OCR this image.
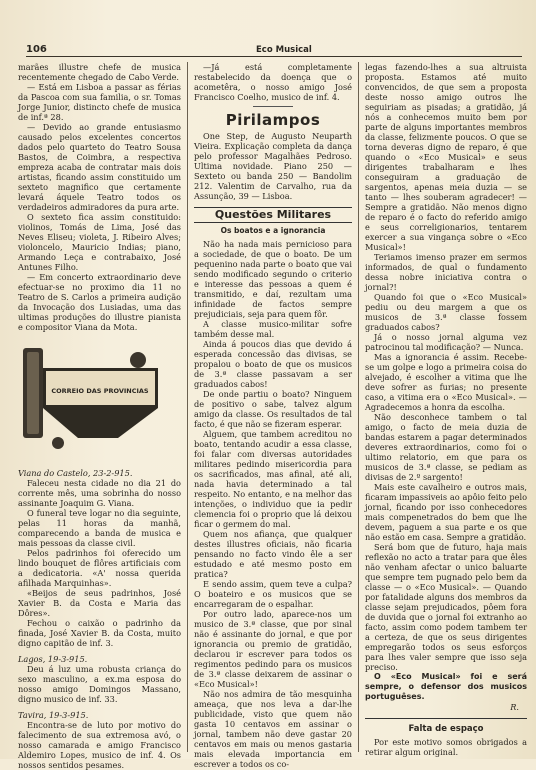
106	Eco Musical

marães illustre chefe de musica recentemente chegado de Cabo Verde.

— Está em Lisboa a passar as férias da Pascoa com sua familia, o sr. Tomas Jorge Junior, distincto chefe de musica de inf.ª 28.

— Devido ao grande entusiasmo causado pelos excelentes concertos dados pelo quarteto do Teatro Sousa Bastos, de Coimbra, a respectiva empreza acaba de contratar mais dois artistas, ficando assim constituido um sexteto magnifico que certamente levará áquele Teatro todos os verdadeiros admiradores da pura arte.

O sexteto fica assim constituido: violinos, Tomás de Lima, José das Neves Eliseu; violeta, J. Ribeiro Alves; violoncelo, Mauricio Indias; piano, Armando Leça e contrabaixo, José Antunes Filho.

— Em concerto extraordinario deve efectuar-se no proximo dia 11 no Teatro de S. Carlos a primeira audição da Invocação dos Lusiadas, uma das ultimas produções do illustre pianista e compositor Viana da Mota.

CORREIO DAS PROVINCIAS

Viana do Castelo, 23-2-915.

Faleceu nesta cidade no dia 21 do corrente mês, uma sobrinha do nosso assinante Joaquim G. Viana.

O funeral teve logar no dia seguinte, pelas 11 horas da manhã, comparecendo a banda de musica e mais pessoas da classe civil.

Pelos padrinhos foi oferecido um lindo bouquet de flôres artificiais com a dedicatoria. «A' nossa querida afilhada Marquinhas».

«Beijos de seus padrinhos, José Xavier B. da Costa e Maria das Dôres».

Fechou o caixão o padrinho da finada, José Xavier B. da Costa, muito digno capitão de inf. 3.

Lagos, 19-3-915.

Deu á luz uma robusta criança do sexo masculino, a ex.ma esposa do nosso amigo Domingos Massano, digno musico de inf. 33.

Tavira, 19-3-915.

Encontra-se de luto por motivo do falecimento de sua extremosa avó, o nosso camarada e amigo Francisco Aldemiro Lopes, musico de inf. 4. Os nossos sentidos pesames.

—Já está completamente restabelecido da doença que o acometêra, o nosso amigo José Francisco Coelho, musico de inf. 4.

Pirilampos

One Step, de Augusto Neuparth Vieira. Explicação completa da dança pelo professor Magalhães Pedroso. Ultima novidade. Piano 250 — Sexteto ou banda 250 — Bandolim 212. Valentim de Carvalho, rua da Assunção, 39 — Lisboa.

Questões Militares
Os boatos e a ignorancia

Não ha nada mais pernicioso para a sociedade, de que o boato. De um pequenino nada parte o boato que vai sendo modificado segundo o criterio e interesse das pessoas a quem é transmitido, e daí, rezultam uma infinidade de factos sempre prejudiciais, seja para quem fôr.

A classe musico-militar sofre também desse mal.

Ainda á poucos dias que devido á esperada concessão das divisas, se propalou o boato de que os musicos de 3.ª classe passavam a ser graduados cabos!

De onde partiu o boato? Ninguem de positivo o sabe, talvez algum amigo da classe. Os resultados de tal facto, é que não se fizeram esperar.

Alguem, que tambem acreditou no boato, tentando acudir a essa classe, foi falar com diversas autoridades militares pedindo misericordia para os sacrificados, mas afinal, até ali, nada havia determinado a tal respeito. No entanto, e na melhor das intenções, o individuo que ia pedir clemencia foi o proprio que lá deixou ficar o germem do mal.

Quem nos afiança, que qualquer destes illustres oficiais, não ficaria pensando no facto vindo êle a ser estudado e até mesmo posto em pratica?

E sendo assim, quem teve a culpa? O boateiro e os musicos que se encarregaram de o espalhar.

Por outro lado, aparece-nos um musico de 3.ª classe, que por sinal não é assinante do jornal, e que por ignorancia ou premio de gratidão, declarou ir escrever para todos os regimentos pedindo para os musicos de 3.ª classe deixarem de assinar o «Eco Musical»!

Não nos admira de tão mesquinha ameaça, que nos leva a dar-lhe publicidade, visto que quem não gasta 10 centavos em assinar o jornal, tambem não deve gastar 20 centavos em mais ou menos gastaria mais elevada importancia em escrever a todos os co-

legas fazendo-lhes a sua altruista proposta. Estamos até muito convencidos, de que sem a proposta deste nosso amigo outros lhe seguiriam as pisadas; a gratidão, já nós a conhecemos muito bem por parte de alguns importantes membros da classe, felizmente poucos. O que se torna deveras digno de reparo, é que quando o «Eco Musical» e seus dirigentes trabalharam e lhes conseguiram a graduação de sargentos, apenas meia duzia — se tanto — lhes souberam agradecer! — Sempre a gratidão. Não menos digno de reparo é o facto do referido amigo e seus correligionarios, tentarem exercer a sua vingança sobre o «Eco Musical»!

Teriamos imenso prazer em sermos informados, de qual o fundamento dessa nobre iniciativa contra o jornal?!

Quando foi que o «Eco Musical» pediu ou deu margem a que os musicos de 3.ª classe fossem graduados cabos?

Já o nosso jornal alguma vez patrocinou tal modificação? — Nunca.

Mas a ignorancia é assim. Recebe-se um golpe e logo a primeira coisa do alvejado, é escolher a vitima que lhe deve sofrer as furias; no presente caso, a vitima era o «Eco Musical». — Agradecemos a honra da escolha.

Não desconhece tambem o tal amigo, o facto de meia duzia de bandas estarem a pagar determinados deveres extraordinarios, como foi o ultimo relatorio, em que para os musicos de 3.ª classe, se pediam as divisas de 2.º sargento!

Mais este cavalheiro e outros mais, ficaram impassiveis ao apôio feito pelo jornal, ficando por isso conhecedores mais compenetrados do bem que lhe devem, paguem a sua parte e os que não estão em casa. Sempre a gratidão.

Será bom que de futuro, haja mais reflexão no acto a tratar para que êles não venham afectar o unico baluarte que sempre tem pugnado pelo bem da classe — o «Eco Musical». — Quando por fatalidade alguns dos membros da classe sejam prejudicados, pôem fora de duvida que o jornal foi extranho ao facto, assim como podem tambem ter a certeza, de que os seus dirigentes empregarão todos os seus esforços para lhes valer sempre que isso seja preciso.

O «Eco Musical» foi e será sempre, o defensor dos musicos portuguêses.

R.
Falta de espaço

Por este motivo somos obrigados a retirar algum original.
